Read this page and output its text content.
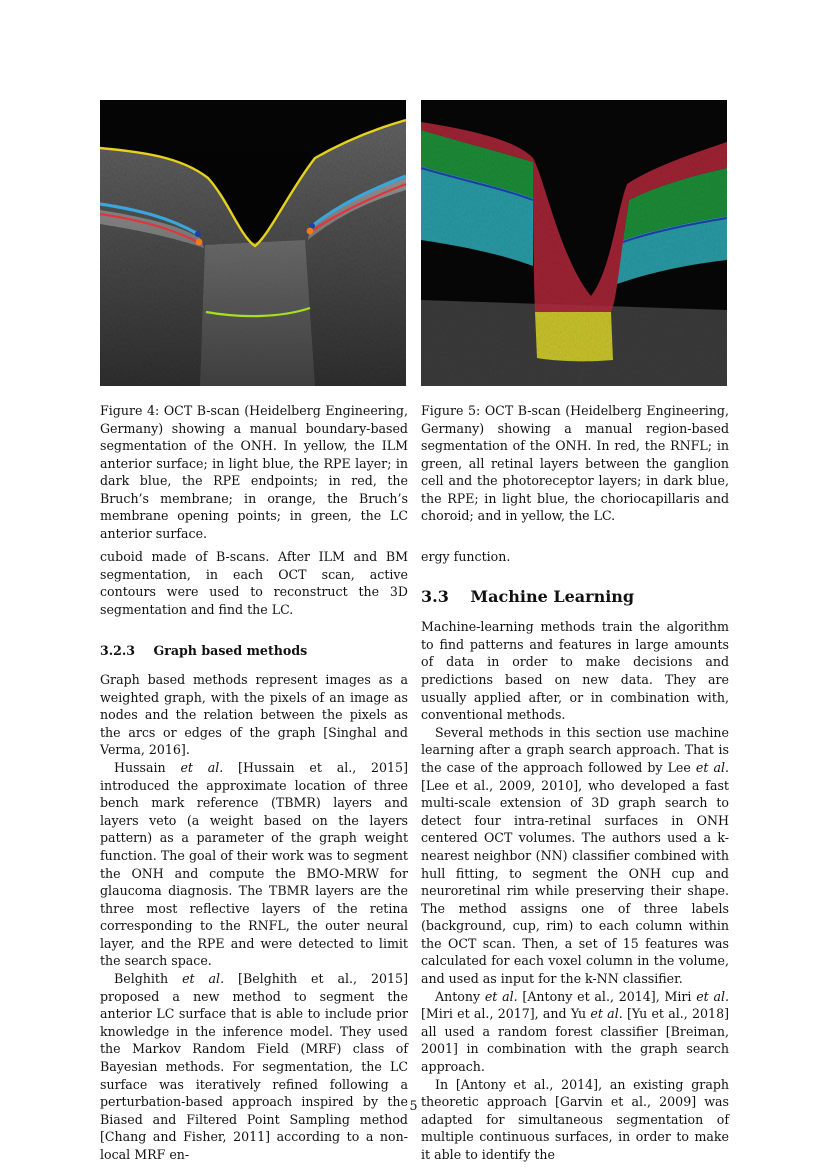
Figure 4: OCT B-scan (Heidelberg Engineering, Germany) showing a manual boundary-based segmentation of the ONH. In yellow, the ILM anterior surface; in light blue, the RPE layer; in dark blue, the RPE endpoints; in red, the Bruch’s membrane; in orange, the Bruch’s membrane opening points; in green, the LC anterior surface.
Figure 5: OCT B-scan (Heidelberg Engineering, Germany) showing a manual region-based segmentation of the ONH. In red, the RNFL; in green, all retinal layers between the ganglion cell and the photoreceptor layers; in dark blue, the RPE; in light blue, the choriocapillaris and choroid; and in yellow, the LC.

cuboid made of B-scans. After ILM and BM segmentation, in each OCT scan, active contours were used to reconstruct the 3D segmentation and find the LC.

3.2.3 Graph based methods

Graph based methods represent images as a weighted graph, with the pixels of an image as nodes and the relation between the pixels as the arcs or edges of the graph [Singhal and Verma, 2016].

Hussain et al. [Hussain et al., 2015] introduced the approximate location of three bench mark reference (TBMR) layers and layers veto (a weight based on the layers pattern) as a parameter of the graph weight function. The goal of their work was to segment the ONH and compute the BMO-MRW for glaucoma diagnosis. The TBMR layers are the three most reflective layers of the retina corresponding to the RNFL, the outer neural layer, and the RPE and were detected to limit the search space.

Belghith et al. [Belghith et al., 2015] proposed a new method to segment the anterior LC surface that is able to include prior knowledge in the inference model. They used the Markov Random Field (MRF) class of Bayesian methods. For segmentation, the LC surface was iteratively refined following a perturbation-based approach inspired by the Biased and Filtered Point Sampling method [Chang and Fisher, 2011] according to a non-local MRF en-

ergy function.

3.3 Machine Learning

Machine-learning methods train the algorithm to find patterns and features in large amounts of data in order to make decisions and predictions based on new data. They are usually applied after, or in combination with, conventional methods.

Several methods in this section use machine learning after a graph search approach. That is the case of the approach followed by Lee et al. [Lee et al., 2009, 2010], who developed a fast multi-scale extension of 3D graph search to detect four intra-retinal surfaces in ONH centered OCT volumes. The authors used a k-nearest neighbor (NN) classifier combined with hull fitting, to segment the ONH cup and neuroretinal rim while preserving their shape. The method assigns one of three labels (background, cup, rim) to each column within the OCT scan. Then, a set of 15 features was calculated for each voxel column in the volume, and used as input for the k-NN classifier.

Antony et al. [Antony et al., 2014], Miri et al. [Miri et al., 2017], and Yu et al. [Yu et al., 2018] all used a random forest classifier [Breiman, 2001] in combination with the graph search approach.

In [Antony et al., 2014], an existing graph theoretic approach [Garvin et al., 2009] was adapted for simultaneous segmentation of multiple continuous surfaces, in order to make it able to identify the

5
